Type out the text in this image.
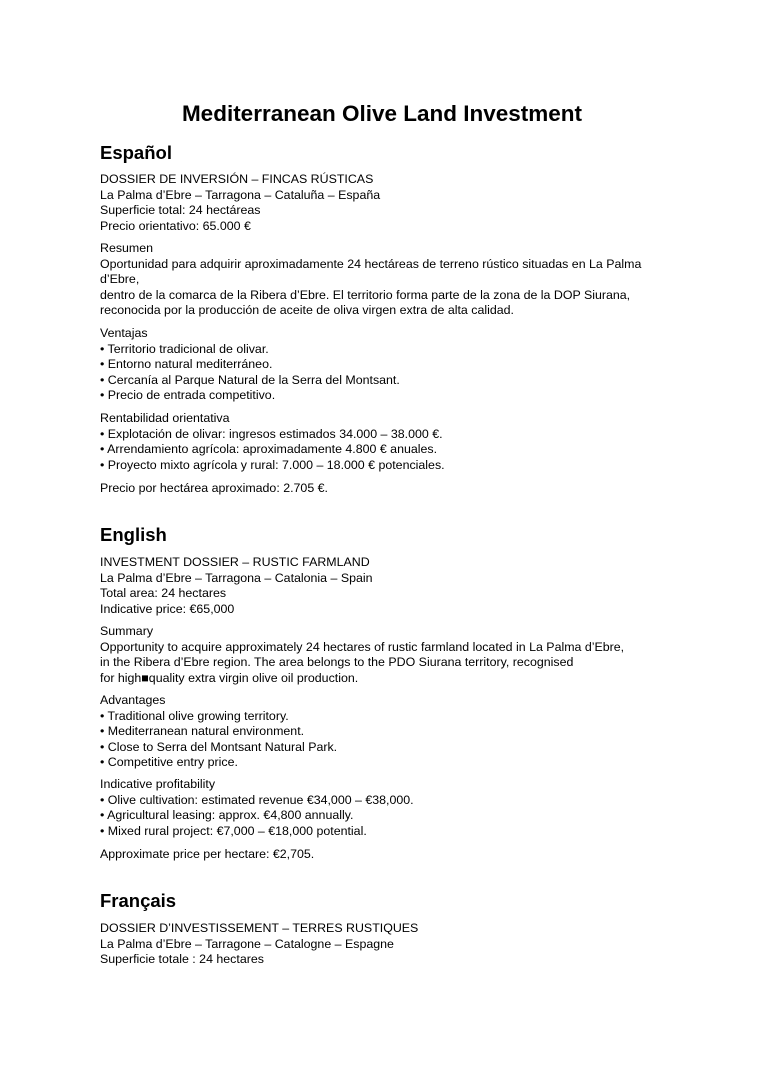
Mediterranean Olive Land Investment
Español
DOSSIER DE INVERSIÓN – FINCAS RÚSTICAS
La Palma d’Ebre – Tarragona – Cataluña – España
Superficie total: 24 hectáreas
Precio orientativo: 65.000 €
Resumen
Oportunidad para adquirir aproximadamente 24 hectáreas de terreno rústico situadas en La Palma
d’Ebre,
dentro de la comarca de la Ribera d’Ebre. El territorio forma parte de la zona de la DOP Siurana,
reconocida por la producción de aceite de oliva virgen extra de alta calidad.
Ventajas
• Territorio tradicional de olivar.
• Entorno natural mediterráneo.
• Cercanía al Parque Natural de la Serra del Montsant.
• Precio de entrada competitivo.
Rentabilidad orientativa
• Explotación de olivar: ingresos estimados 34.000 – 38.000 €.
• Arrendamiento agrícola: aproximadamente 4.800 € anuales.
• Proyecto mixto agrícola y rural: 7.000 – 18.000 € potenciales.
Precio por hectárea aproximado: 2.705 €.
English
INVESTMENT DOSSIER – RUSTIC FARMLAND
La Palma d’Ebre – Tarragona – Catalonia – Spain
Total area: 24 hectares
Indicative price: €65,000
Summary
Opportunity to acquire approximately 24 hectares of rustic farmland located in La Palma d’Ebre,
in the Ribera d’Ebre region. The area belongs to the PDO Siurana territory, recognised
for high■quality extra virgin olive oil production.
Advantages
• Traditional olive growing territory.
• Mediterranean natural environment.
• Close to Serra del Montsant Natural Park.
• Competitive entry price.
Indicative profitability
• Olive cultivation: estimated revenue €34,000 – €38,000.
• Agricultural leasing: approx. €4,800 annually.
• Mixed rural project: €7,000 – €18,000 potential.
Approximate price per hectare: €2,705.
Français
DOSSIER D’INVESTISSEMENT – TERRES RUSTIQUES
La Palma d’Ebre – Tarragone – Catalogne – Espagne
Superficie totale : 24 hectares
